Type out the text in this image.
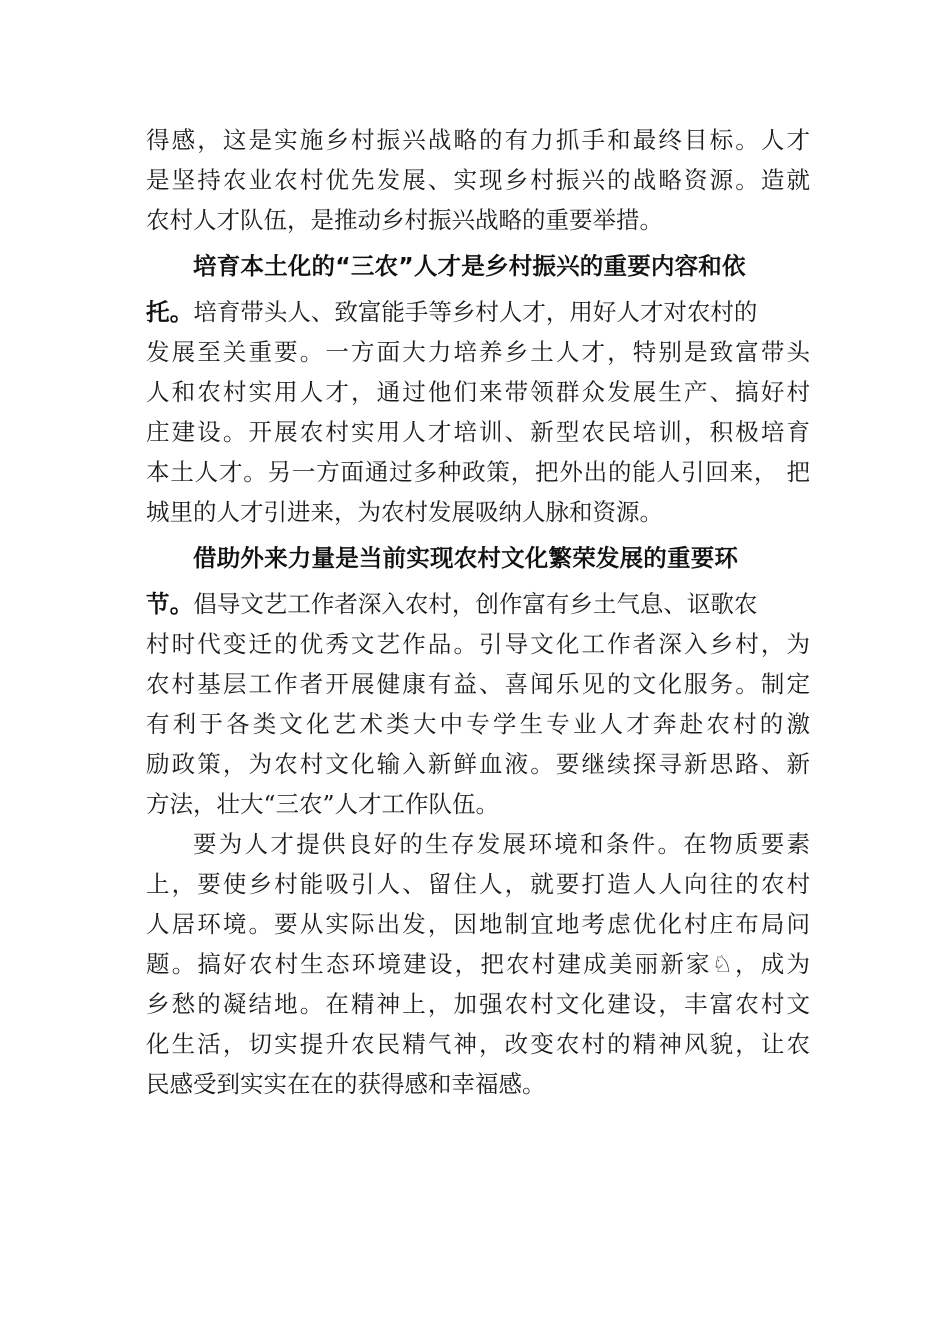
得感，这是实施乡村振兴战略的有力抓手和最终目标。人才
是坚持农业农村优先发展、实现乡村振兴的战略资源。造就
农村人才队伍，是推动乡村振兴战略的重要举措。
培育本土化的“三农”人才是乡村振兴的重要内容和依
托。培育带头人、致富能手等乡村人才，用好人才对农村的
发展至关重要。一方面大力培养乡土人才，特别是致富带头
人和农村实用人才，通过他们来带领群众发展生产、搞好村
庄建设。开展农村实用人才培训、新型农民培训，积极培育
本土人才。另一方面通过多种政策，把外出的能人引回来， 把
城里的人才引进来，为农村发展吸纳人脉和资源。
借助外来力量是当前实现农村文化繁荣发展的重要环
节。倡导文艺工作者深入农村，创作富有乡土气息、讴歌农
村时代变迁的优秀文艺作品。引导文化工作者深入乡村，为
农村基层工作者开展健康有益、喜闻乐见的文化服务。制定
有利于各类文化艺术类大中专学生专业人才奔赴农村的激
励政策，为农村文化输入新鲜血液。要继续探寻新思路、新
方法，壮大“三农”人才工作队伍。
要为人才提供良好的生存发展环境和条件。在物质要素
上，要使乡村能吸引人、留住人，就要打造人人向往的农村
人居环境。要从实际出发，因地制宜地考虑优化村庄布局问
题。搞好农村生态环境建设，把农村建成美丽新家♘，成为
乡愁的凝结地。在精神上，加强农村文化建设，丰富农村文
化生活，切实提升农民精气神，改变农村的精神风貌，让农
民感受到实实在在的获得感和幸福感。
